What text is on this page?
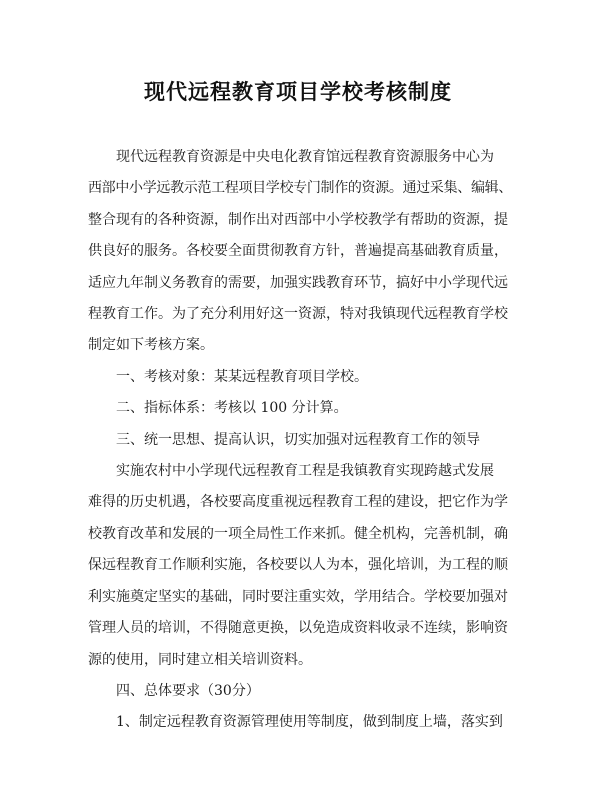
现代远程教育项目学校考核制度
现代远程教育资源是中央电化教育馆远程教育资源服务中心为
西部中小学远教示范工程项目学校专门制作的资源。通过采集、编辑、
整合现有的各种资源，制作出对西部中小学校教学有帮助的资源，提
供良好的服务。各校要全面贯彻教育方针，普遍提高基础教育质量，
适应九年制义务教育的需要，加强实践教育环节，搞好中小学现代远
程教育工作。为了充分利用好这一资源，特对我镇现代远程教育学校
制定如下考核方案。
一、考核对象：某某远程教育项目学校。
二、指标体系：考核以 100 分计算。
三、统一思想、提高认识，切实加强对远程教育工作的领导
实施农村中小学现代远程教育工程是我镇教育实现跨越式发展
难得的历史机遇，各校要高度重视远程教育工程的建设，把它作为学
校教育改革和发展的一项全局性工作来抓。健全机构，完善机制，确
保远程教育工作顺利实施，各校要以人为本，强化培训，为工程的顺
利实施奠定坚实的基础，同时要注重实效，学用结合。学校要加强对
管理人员的培训，不得随意更换，以免造成资料收录不连续，影响资
源的使用，同时建立相关培训资料。
四、总体要求（30分）
1、制定远程教育资源管理使用等制度，做到制度上墙，落实到
